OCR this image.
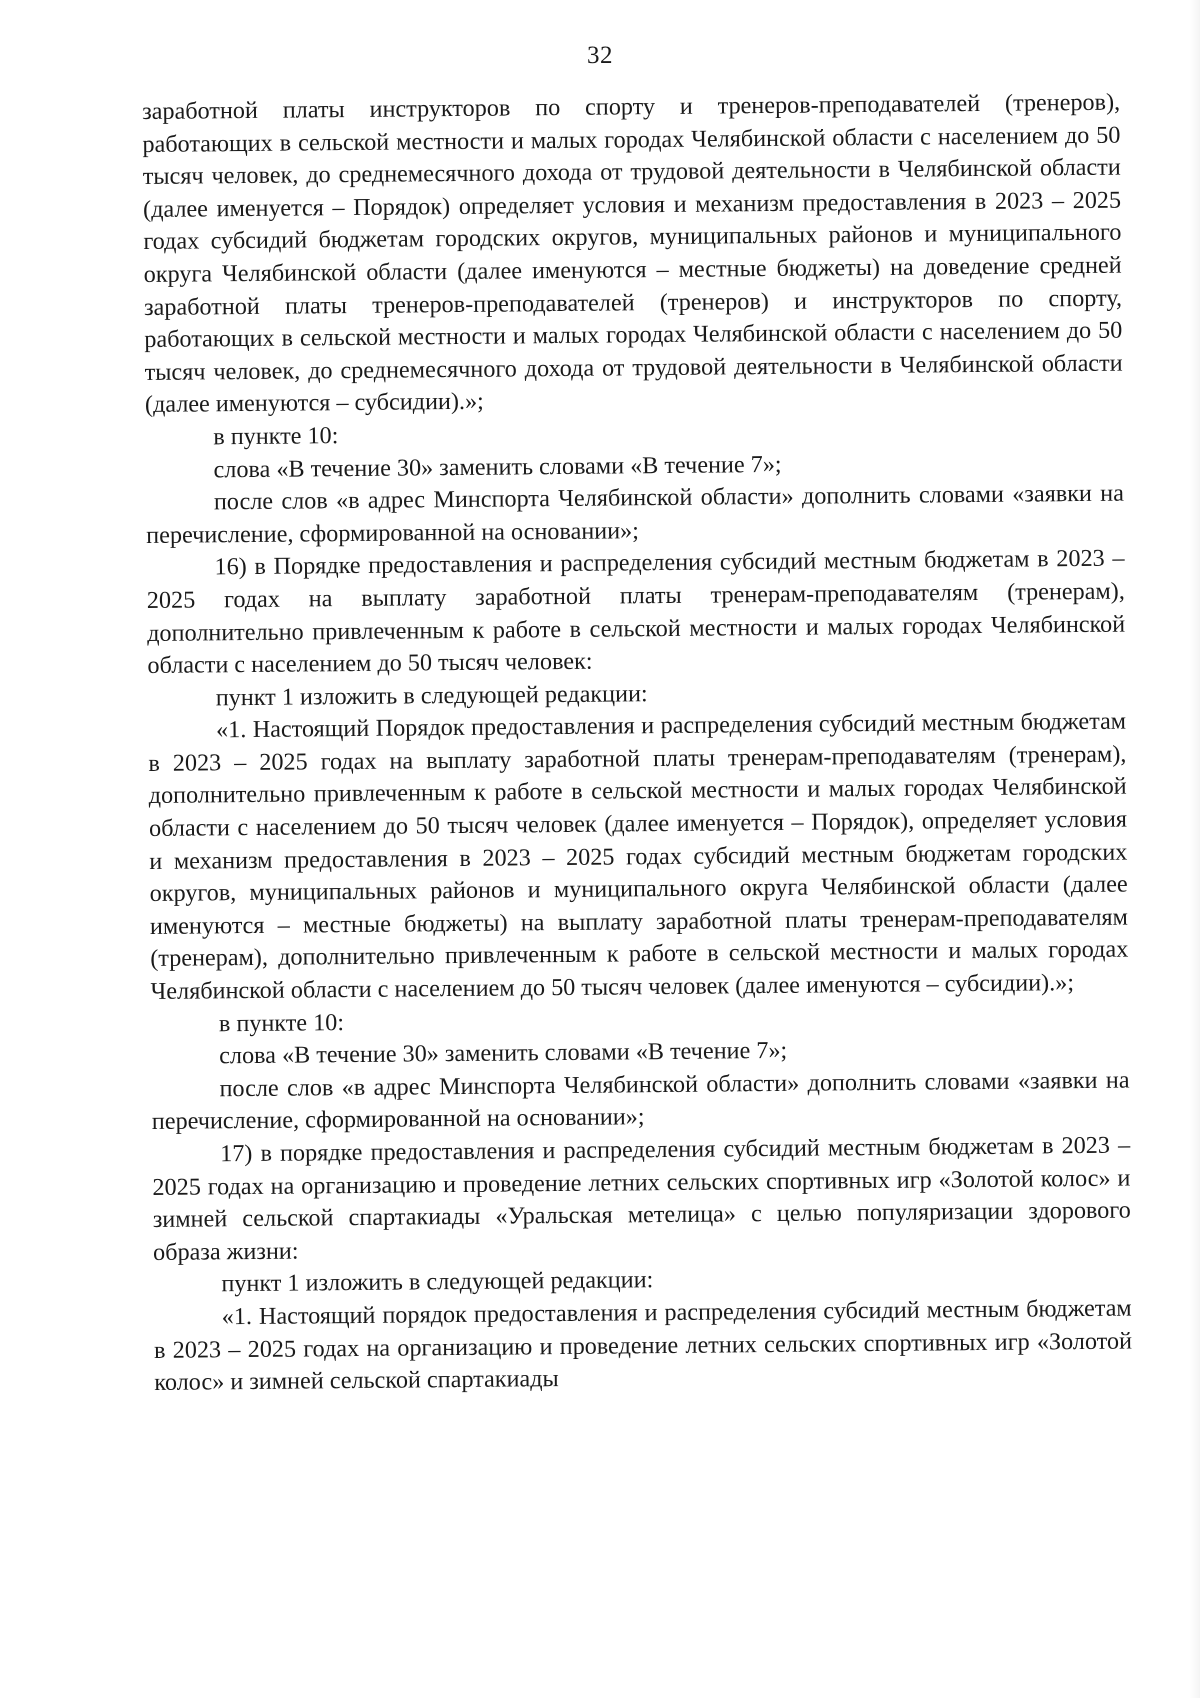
32

заработной платы инструкторов по спорту и тренеров-преподавателей (тренеров), работающих в сельской местности и малых городах Челябинской области с населением до 50 тысяч человек, до среднемесячного дохода от трудовой деятельности в Челябинской области (далее именуется – Порядок) определяет условия и механизм предоставления в 2023 – 2025 годах субсидий бюджетам городских округов, муниципальных районов и муниципального округа Челябинской области (далее именуются – местные бюджеты) на доведение средней заработной платы тренеров-преподавателей (тренеров) и инструкторов по спорту, работающих в сельской местности и малых городах Челябинской области с населением до 50 тысяч человек, до среднемесячного дохода от трудовой деятельности в Челябинской области (далее именуются – субсидии).»;

в пункте 10:

слова «В течение 30» заменить словами «В течение 7»;

после слов «в адрес Минспорта Челябинской области» дополнить словами «заявки на перечисление, сформированной на основании»;

16) в Порядке предоставления и распределения субсидий местным бюджетам в 2023 – 2025 годах на выплату заработной платы тренерам-преподавателям (тренерам), дополнительно привлеченным к работе в сельской местности и малых городах Челябинской области с населением до 50 тысяч человек:

пункт 1 изложить в следующей редакции:

«1. Настоящий Порядок предоставления и распределения субсидий местным бюджетам в 2023 – 2025 годах на выплату заработной платы тренерам-преподавателям (тренерам), дополнительно привлеченным к работе в сельской местности и малых городах Челябинской области с населением до 50 тысяч человек (далее именуется – Порядок), определяет условия и механизм предоставления в 2023 – 2025 годах субсидий местным бюджетам городских округов, муниципальных районов и муниципального округа Челябинской области (далее именуются – местные бюджеты) на выплату заработной платы тренерам-преподавателям (тренерам), дополнительно привлеченным к работе в сельской местности и малых городах Челябинской области с населением до 50 тысяч человек (далее именуются – субсидии).»;

в пункте 10:

слова «В течение 30» заменить словами «В течение 7»;

после слов «в адрес Минспорта Челябинской области» дополнить словами «заявки на перечисление, сформированной на основании»;

17) в порядке предоставления и распределения субсидий местным бюджетам в 2023 – 2025 годах на организацию и проведение летних сельских спортивных игр «Золотой колос» и зимней сельской спартакиады «Уральская метелица» с целью популяризации здорового образа жизни:

пункт 1 изложить в следующей редакции:

«1. Настоящий порядок предоставления и распределения субсидий местным бюджетам в 2023 – 2025 годах на организацию и проведение летних сельских спортивных игр «Золотой колос» и зимней сельской спартакиады
